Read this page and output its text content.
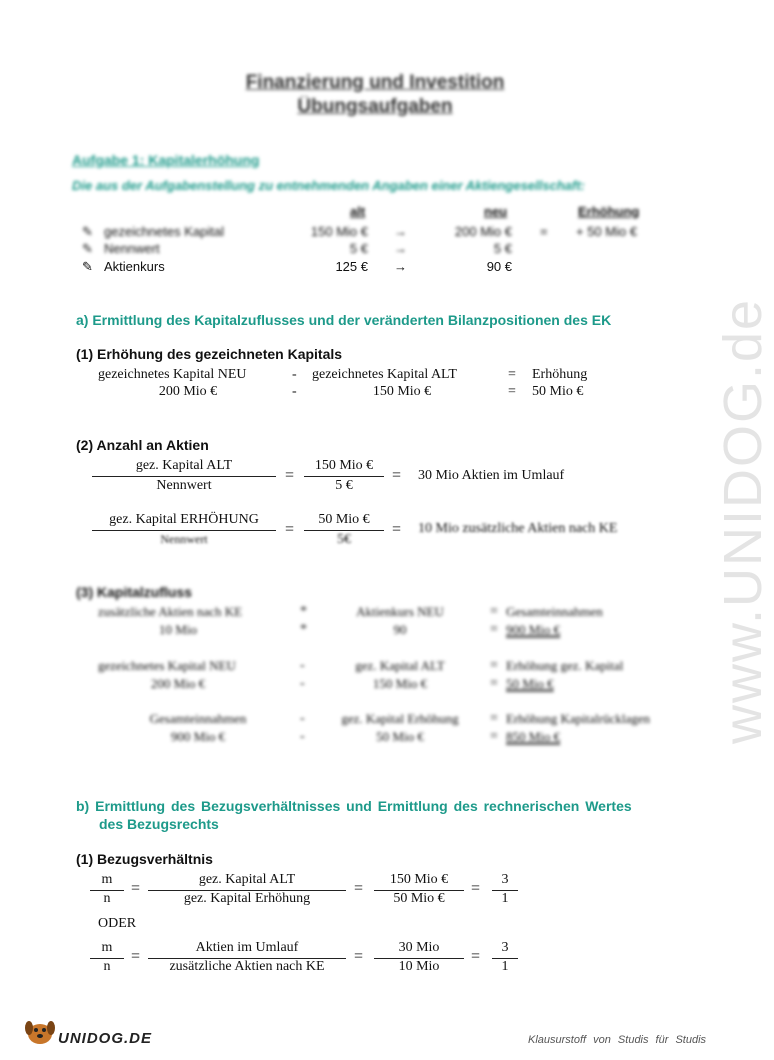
www.UNIDOG.de
Finanzierung und Investition
Übungsaufgaben
Aufgabe 1: Kapitalerhöhung
Die aus der Aufgabenstellung zu entnehmenden Angaben einer Aktiengesellschaft:
alt	neu	Erhöhung
✎ gezeichnetes Kapital	150 Mio € →	200 Mio € = + 50 Mio €
✎ Nennwert	5 € →	5 €
✎ Aktienkurs	125 € →	90 €
a) Ermittlung des Kapitalzuflusses und der veränderten Bilanzpositionen des EK
(1) Erhöhung des gezeichneten Kapitals
gezeichnetes Kapital NEU	- gezeichnetes Kapital ALT	= Erhöhung
200 Mio €	-	150 Mio €	= 50 Mio €
(2) Anzahl an Aktien
gez. Kapital ALT
Nennwert
=
150 Mio €
5 €
= 30 Mio Aktien im Umlauf
gez. Kapital ERHÖHUNG
Nennwert
=
50 Mio €
5€
= 10 Mio zusätzliche Aktien nach KE
(3) Kapitalzufluss
zusätzliche Aktien nach KE	*	Aktienkurs NEU	= Gesamteinnahmen
10 Mio	*	90	= 900 Mio €
gezeichnetes Kapital NEU	-	gez. Kapital ALT	= Erhöhung gez. Kapital
200 Mio €	-	150 Mio €	= 50 Mio €
Gesamteinnahmen	-	gez. Kapital Erhöhung	= Erhöhung Kapitalrücklagen
900 Mio €	-	50 Mio €	= 850 Mio €
b) Ermittlung des Bezugsverhältnisses und Ermittlung des rechnerischen Wertes
des Bezugsrechts
(1) Bezugsverhältnis
m
n
=
gez. Kapital ALT
gez. Kapital Erhöhung
=
150 Mio €
50 Mio €
=
3
1
ODER
m
n
=
Aktien im Umlauf
zusätzliche Aktien nach KE
=
30 Mio
10 Mio
=
3
1
UNIDOG.DE	Klausurstoff von Studis für Studis
